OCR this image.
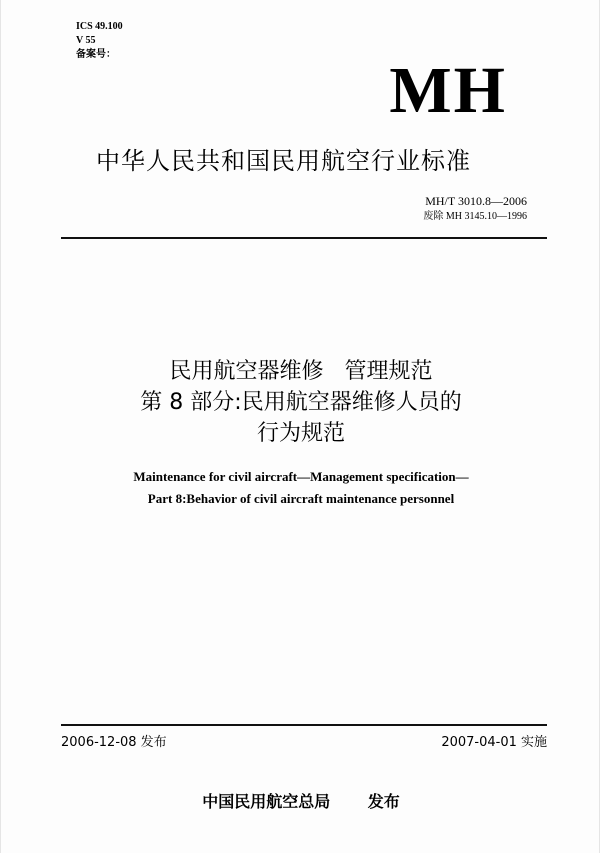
ICS 49.100
V 55
备案号：	MH
中华人民共和国民用航空行业标准
MH/T 3010.8—2006
废除 MH 3145.10—1996
民用航空器维修   管理规范
第 8 部分:民用航空器维修人员的
行为规范
Maintenance for civil aircraft—Management specification—
Part 8:Behavior of civil aircraft maintenance personnel
2006-12-08 发布	2007-04-01 实施
中国民用航空总局 发布
